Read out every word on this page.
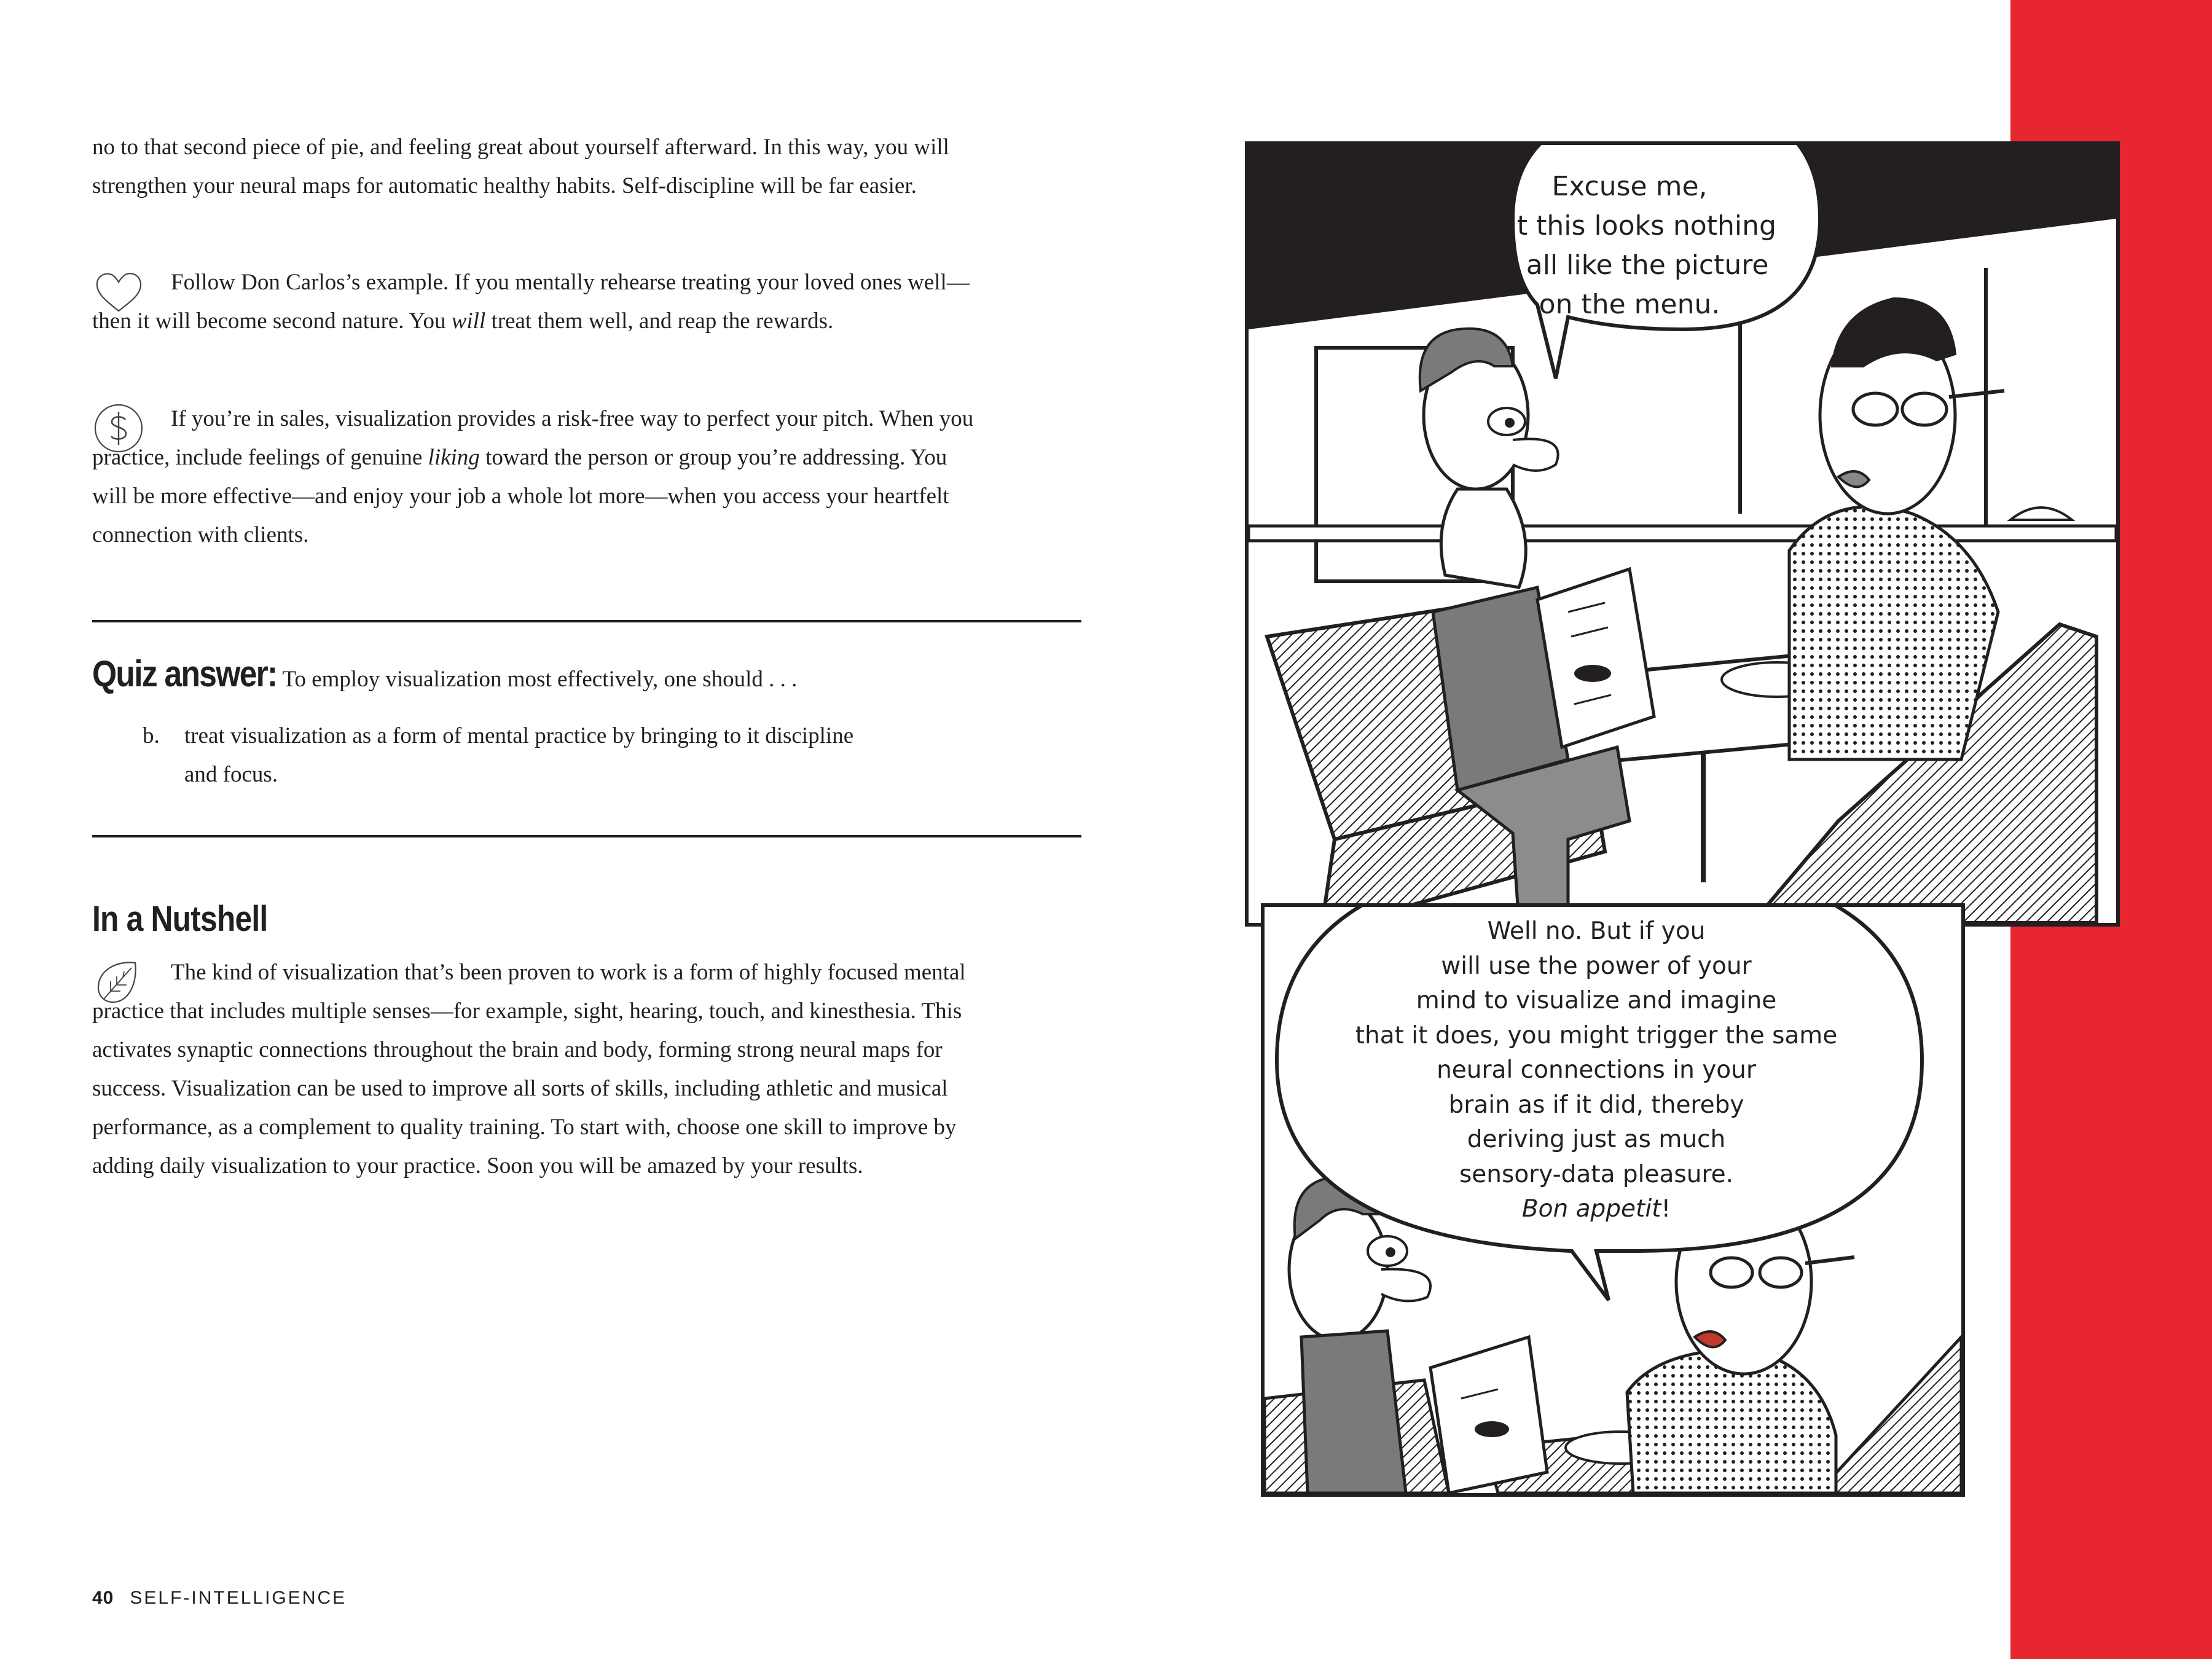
no to that second piece of pie, and feeling great about yourself afterward. In this way, you will strengthen your neural maps for automatic healthy habits. Self-discipline will be far easier.

Follow Don Carlos’s example. If you mentally rehearse treating your loved ones well—then it will become second nature. You will treat them well, and reap the rewards.

If you’re in sales, visualization provides a risk-free way to perfect your pitch. When you practice, include feelings of genuine liking toward the person or group you’re addressing. You will be more effective—and enjoy your job a whole lot more—when you access your heartfelt connection with clients.

Quiz answer: To employ visualization most effectively, one should . . .
b.	treat visualization as a form of mental practice by bringing to it discipline and focus.

In a Nutshell

The kind of visualization that’s been proven to work is a form of highly focused mental practice that includes multiple senses—for example, sight, hearing, touch, and kinesthesia. This activates synaptic connections throughout the brain and body, forming strong neural maps for success. Visualization can be used to improve all sorts of skills, including athletic and musical performance, as a complement to quality training. To start with, choose one skill to improve by adding daily visualization to your practice. Soon you will be amazed by your results.

40 SELF-INTELLIGENCE
Excuse me,
but this looks nothing
at all like the picture
on the menu.
Well no. But if you
will use the power of your
mind to visualize and imagine
that it does, you might trigger the same
neural connections in your
brain as if it did, thereby
deriving just as much
sensory-data pleasure.
Bon appetit!
